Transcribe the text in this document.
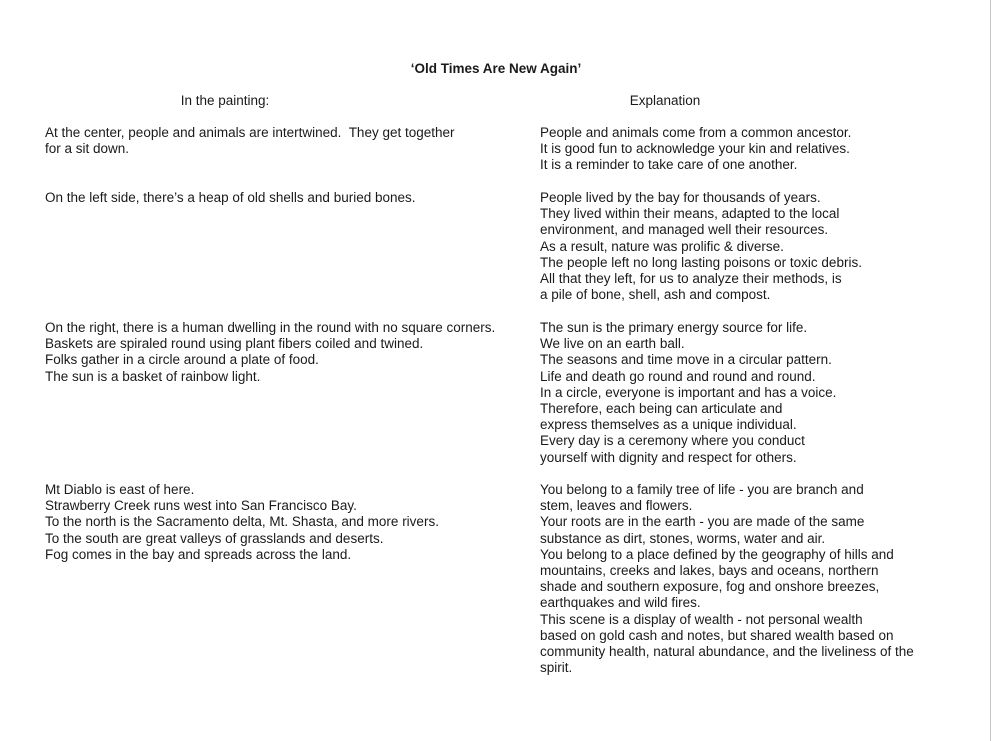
‘Old Times Are New Again’
In the painting:	Explanation

At the center, people and animals are intertwined.  They get together
for a sit down.

People and animals come from a common ancestor.
It is good fun to acknowledge your kin and relatives.
It is a reminder to take care of one another.

On the left side, there’s a heap of old shells and buried bones.	People lived by the bay for thousands of years.
They lived within their means, adapted to the local
environment, and managed well their resources.
As a result, nature was prolific & diverse.
The people left no long lasting poisons or toxic debris.
All that they left, for us to analyze their methods, is
a pile of bone, shell, ash and compost.

On the right, there is a human dwelling in the round with no square corners.
Baskets are spiraled round using plant fibers coiled and twined.
Folks gather in a circle around a plate of food.
The sun is a basket of rainbow light.

The sun is the primary energy source for life.
We live on an earth ball.
The seasons and time move in a circular pattern.
Life and death go round and round and round.
In a circle, everyone is important and has a voice.
Therefore, each being can articulate and
express themselves as a unique individual.
Every day is a ceremony where you conduct
yourself with dignity and respect for others.

Mt Diablo is east of here.
Strawberry Creek runs west into San Francisco Bay.
To the north is the Sacramento delta, Mt. Shasta, and more rivers.
To the south are great valleys of grasslands and deserts.
Fog comes in the bay and spreads across the land.

You belong to a family tree of life - you are branch and
stem, leaves and flowers.
Your roots are in the earth - you are made of the same
substance as dirt, stones, worms, water and air.
You belong to a place defined by the geography of hills and
mountains, creeks and lakes, bays and oceans, northern
shade and southern exposure, fog and onshore breezes,
earthquakes and wild fires.
This scene is a display of wealth - not personal wealth
based on gold cash and notes, but shared wealth based on
community health, natural abundance, and the liveliness of the
spirit.
